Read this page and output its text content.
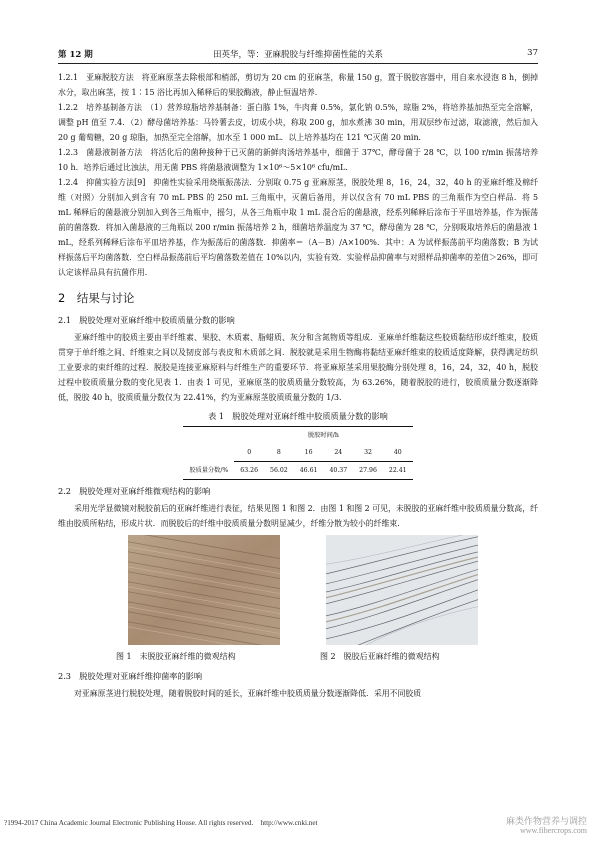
第 12 期	田英华，等：亚麻脱胶与纤维抑菌性能的关系	37

1.2.1　亚麻脱胶方法　将亚麻原茎去除根部和梢部，剪切为 20 cm 的亚麻茎，称量 150 g，置于脱胶容器中，用自来水浸泡 8 h，倒掉水分，取出麻茎，按 1∶15 浴比再加入稀释后的果胶酶液，静止恒温培养.

1.2.2　培养基制备方法　（1）营养琼脂培养基制备：蛋白胨 1%，牛肉膏 0.5%，氯化钠 0.5%，琼脂 2%，将培养基加热至完全溶解，调整 pH 值至 7.4．（2）酵母菌培养基：马铃薯去皮，切成小块，称取 200 g，加水煮沸 30 min，用双层纱布过滤，取滤液，然后加入 20 g 葡萄糖，20 g 琼脂，加热至完全溶解，加水至 1 000 mL．以上培养基均在 121 ℃灭菌 20 min.

1.2.3　菌悬液制备方法　将活化后的菌种接种于已灭菌的新鲜肉汤培养基中，细菌于 37℃，酵母菌于 28 ℃，以 100 r/min 振荡培养 10 h．培养后通过比浊法，用无菌 PBS 将菌悬液调整为 1×10⁶～5×10⁶ cfu/mL.

1.2.4　抑菌实验方法[9]　抑菌性实验采用烧瓶振荡法．分别取 0.75 g 亚麻原茎，脱胶处理 8，16，24，32，40 h 的亚麻纤维及棉纤维（对照）分别加入到含有 70 mL PBS 的 250 mL 三角瓶中，灭菌后备用，并以仅含有 70 mL PBS 的三角瓶作为空白样品．将 5 mL 稀释后的菌悬液分别加入到各三角瓶中，摇匀，从各三角瓶中取 1 mL 混合后的菌悬液，经系列稀释后涂布于平皿培养基，作为振荡前的菌落数．将加入菌悬液的三角瓶以 200 r/min 振荡培养 2 h，细菌培养温度为 37 ℃，酵母菌为 28 ℃，分别吸取培养后的菌悬液 1 mL，经系列稀释后涂布平皿培养基，作为振荡后的菌落数．抑菌率＝（A－B）/A×100%．其中：A 为试样振荡前平均菌落数；B 为试样振荡后平均菌落数．空白样品振荡前后平均菌落数差值在 10%以内，实验有效．实验样品抑菌率与对照样品抑菌率的差值＞26%，即可认定该样品具有抗菌作用.

2　结果与讨论
2.1　脱胶处理对亚麻纤维中胶质质量分数的影响

亚麻纤维中的胶质主要由半纤维素、果胶、木质素、脂蜡质、灰分和含氮物质等组成．亚麻单纤维黏这些胶质黏结形成纤维束，胶质贯穿于单纤维之间、纤维束之间以及韧皮部与表皮和木质部之间．脱胶就是采用生物酶将黏结亚麻纤维束的胶质适度降解，获得满足纺织工业要求的束纤维的过程．脱胶是连接亚麻原料与纤维生产的重要环节．将亚麻原茎采用果胶酶分别处理 8，16，24，32，40 h，脱胶过程中胶质质量分数的变化见表 1．由表 1 可见，亚麻原茎的胶质质量分数较高，为 63.26%，随着脱胶的进行，胶质质量分数逐渐降低，脱胶 40 h，胶质质量分数仅为 22.41%，约为亚麻原茎胶质质量分数的 1/3.

表 1　脱胶处理对亚麻纤维中胶质质量分数的影响
	脱胶时间/h					
	0	8	16	24	32	40
胶质量分数/%	63.26	56.02	46.61	40.37	27.96	22.41
2.2　脱胶处理对亚麻纤维微观结构的影响

采用光学显微镜对脱胶前后的亚麻纤维进行表征，结果见图 1 和图 2．由图 1 和图 2 可见，未脱胶的亚麻纤维中胶质质量分数高，纤维由胶质所粘结，形成片状．而脱胶后的纤维中胶质质量分数明显减少，纤维分散为较小的纤维束.

图 1　未脱胶亚麻纤维的微观结构	图 2　脱胶后亚麻纤维的微观结构
2.3　脱胶处理对亚麻纤维抑菌率的影响

对亚麻原茎进行脱胶处理，随着脱胶时间的延长，亚麻纤维中胶质质量分数逐渐降低．采用不同胶质

?1994-2017 China Academic Journal Electronic Publishing House. All rights reserved.　http://www.cnki.net	麻类作物营养与调控
www.fibercrops.com
